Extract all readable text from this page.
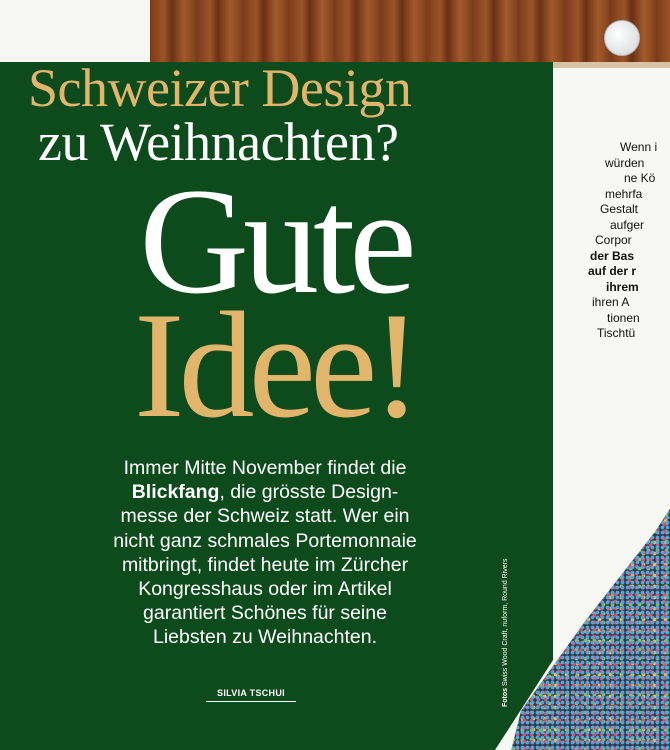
Schweizer Design
zu Weihnachten?
Gute
Idee!

Immer Mitte November findet die
Blickfang, die grösste Design-
messe der Schweiz statt. Wer ein
nicht ganz schmales Portemonnaie
mitbringt, findet heute im Zürcher
Kongresshaus oder im Artikel
garantiert Schönes für seine
Liebsten zu Weihnachten.

SILVIA TSCHUI	Fotos Swiss Wood Craft, nuform, Round Rivers
Wenn i
würden
ne Kö
mehrfa
Gestalt
aufger
Corpor
der Bas
auf der r
ihrem
ihren A
tionen
Tischtü
